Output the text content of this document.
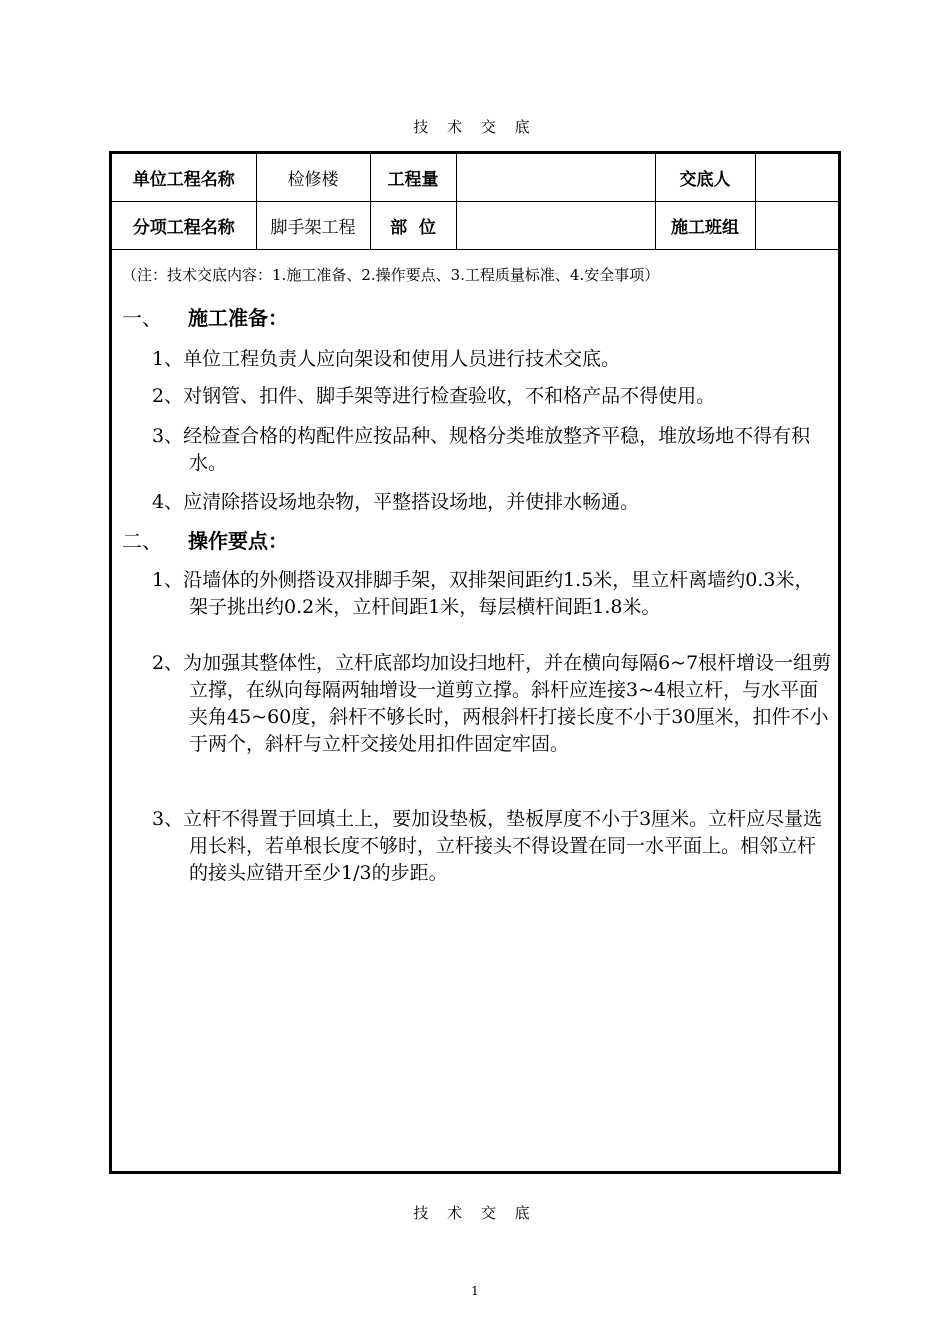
技 术 交 底
单位工程名称	检修楼	工程量		交底人	
分项工程名称	脚手架工程	部  位		施工班组	
（注：技术交底内容：1.施工准备、2.操作要点、3.工程质量标准、4.安全事项）
一、 施工准备：
1、单位工程负责人应向架设和使用人员进行技术交底。
2、对钢管、扣件、脚手架等进行检查验收，不和格产品不得使用。
3、经检查合格的构配件应按品种、规格分类堆放整齐平稳，堆放场地不得有积水。
4、应清除搭设场地杂物，平整搭设场地，并使排水畅通。
二、 操作要点：
1、沿墙体的外侧搭设双排脚手架，双排架间距约1.5米，里立杆离墙约0.3米，架子挑出约0.2米，立杆间距1米，每层横杆间距1.8米。
2、为加强其整体性，立杆底部均加设扫地杆，并在横向每隔6~7根杆增设一组剪立撑，在纵向每隔两轴增设一道剪立撑。斜杆应连接3~4根立杆，与水平面夹角45~60度，斜杆不够长时，两根斜杆打接长度不小于30厘米，扣件不小于两个，斜杆与立杆交接处用扣件固定牢固。
3、立杆不得置于回填土上，要加设垫板，垫板厚度不小于3厘米。立杆应尽量选用长料，若单根长度不够时，立杆接头不得设置在同一水平面上。相邻立杆的接头应错开至少1/3的步距。
技 术 交 底
1
